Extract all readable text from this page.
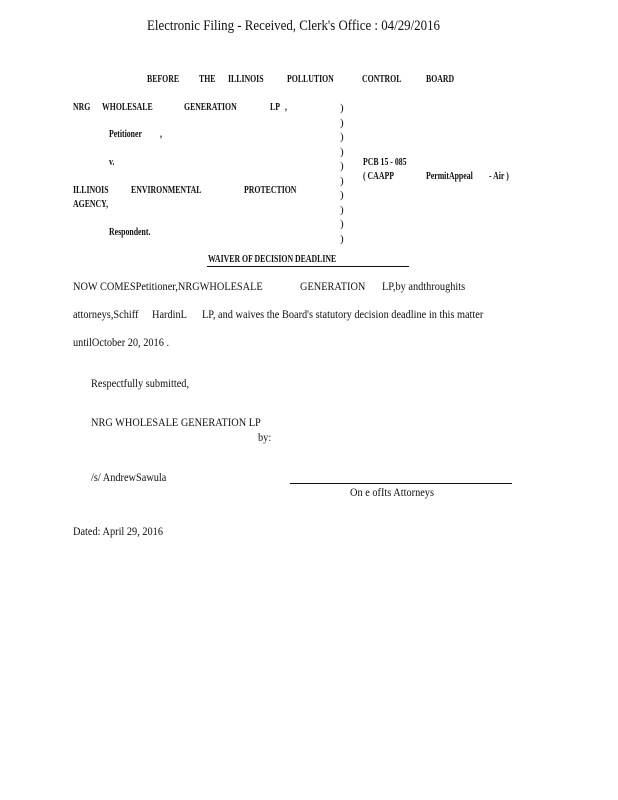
Electronic Filing - Received, Clerk's Office : 04/29/2016
BEFORE THE ILLINOIS POLLUTION	CONTROL BOARD
NRG WHOLESALE	GENERATION	LP ,
Petitioner ,
v.
ILLINOIS ENVIRONMENTAL	PROTECTION
AGENCY,
Respondent.
)
)
)
)
)
)
)
)
)
)
PCB 15 - 085
( CAAPP	PermitAppeal - Air )
WAIVER OF DECISION DEADLINE
NOW COMESPetitioner,NRGWHOLESALE	GENERATION LP,by andthroughits
attorneys,Schiff HardinL LP, and waives the Board's statutory decision deadline in this matter
untilOctober 20, 2016 .
Respectfully submitted,
NRG WHOLESALE GENERATION LP
by:
/s/ AndrewSawula
On e ofIts Attorneys
Dated: April 29, 2016
